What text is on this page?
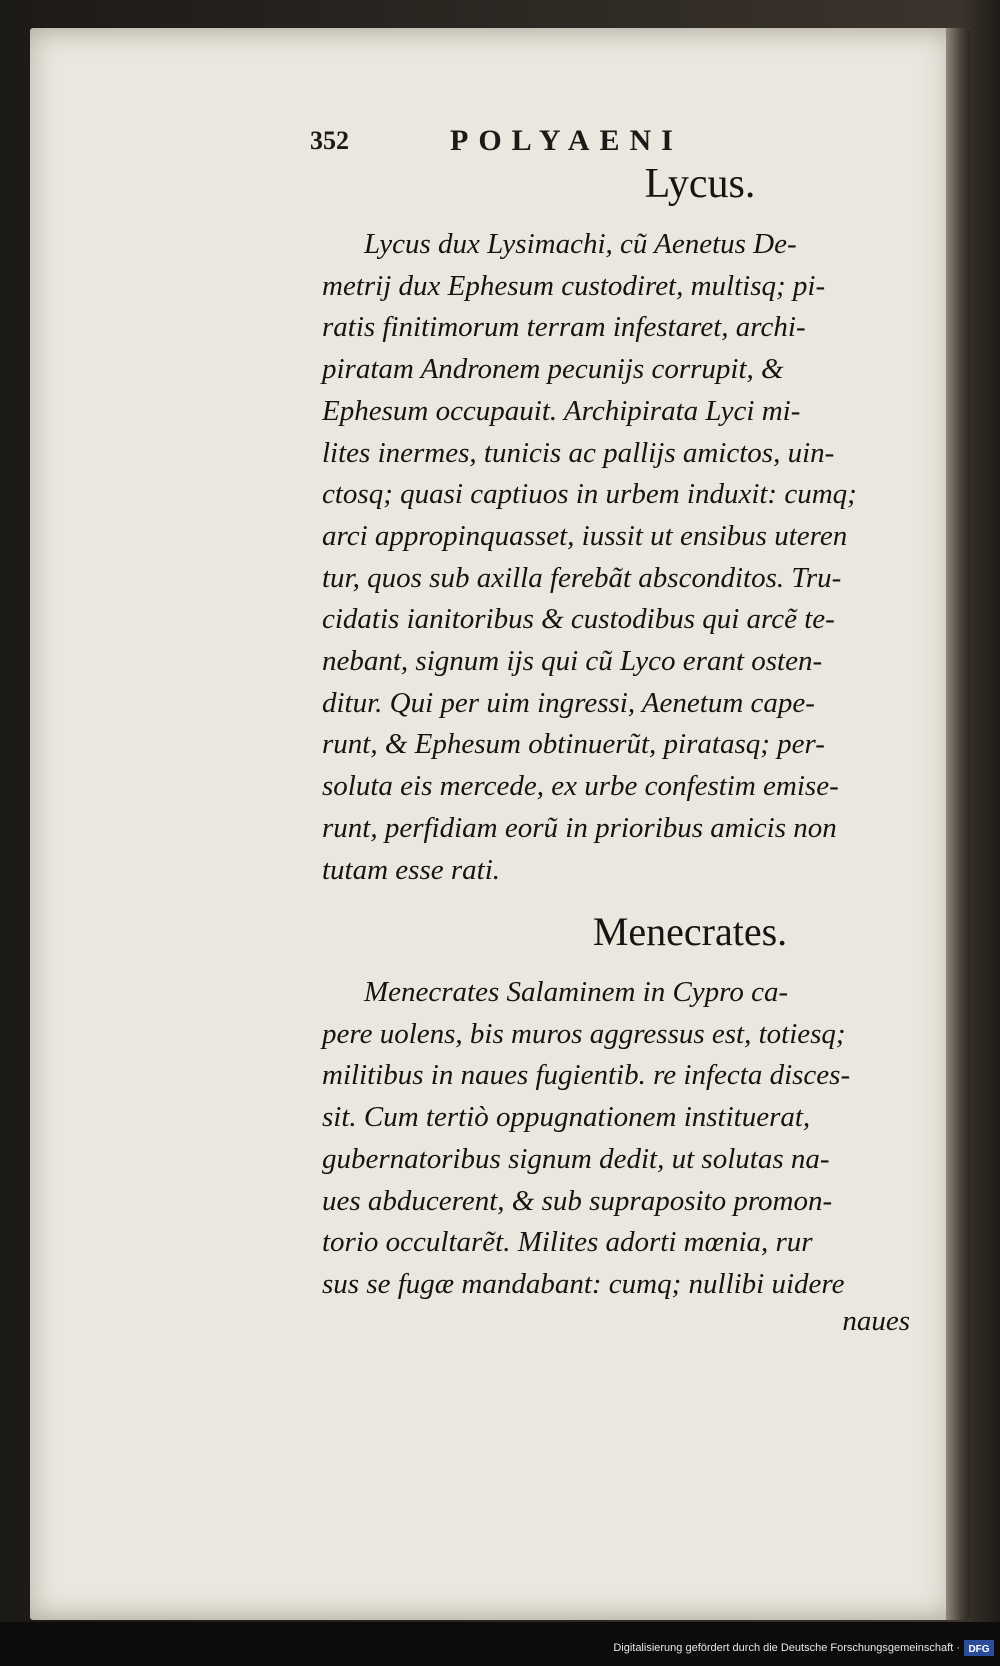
352	POLYAENI
Lycus.
Lycus dux Lysimachi, cũ Aenetus De-
metrij dux Ephesum custodiret, multisq; pi-
ratis finitimorum terram infestaret, archi-
piratam Andronem pecunijs corrupit, &
Ephesum occupauit. Archipirata Lyci mi-
lites inermes, tunicis ac pallijs amictos, uin-
ctosq; quasi captiuos in urbem induxit: cumq;
arci appropinquasset, iussit ut ensibus uteren
tur, quos sub axilla ferebãt absconditos. Tru-
cidatis ianitoribus & custodibus qui arcẽ te-
nebant, signum ijs qui cũ Lyco erant osten-
ditur. Qui per uim ingressi, Aenetum cape-
runt, & Ephesum obtinuerũt, piratasq; per-
soluta eis mercede, ex urbe confestim emise-
runt, perfidiam eorũ in prioribus amicis non
tutam esse rati.
Menecrates.
Menecrates Salaminem in Cypro ca-
pere uolens, bis muros aggressus est, totiesq;
militibus in naues fugientib. re infecta disces-
sit. Cum tertiò oppugnationem instituerat,
gubernatoribus signum dedit, ut solutas na-
ues abducerent, & sub supraposito promon-
torio occultarẽt. Milites adorti mœnia, rur
sus se fugæ mandabant: cumq; nullibi uidere
naues
Digitalisierung gefördert durch die Deutsche Forschungsgemeinschaft · DFG
